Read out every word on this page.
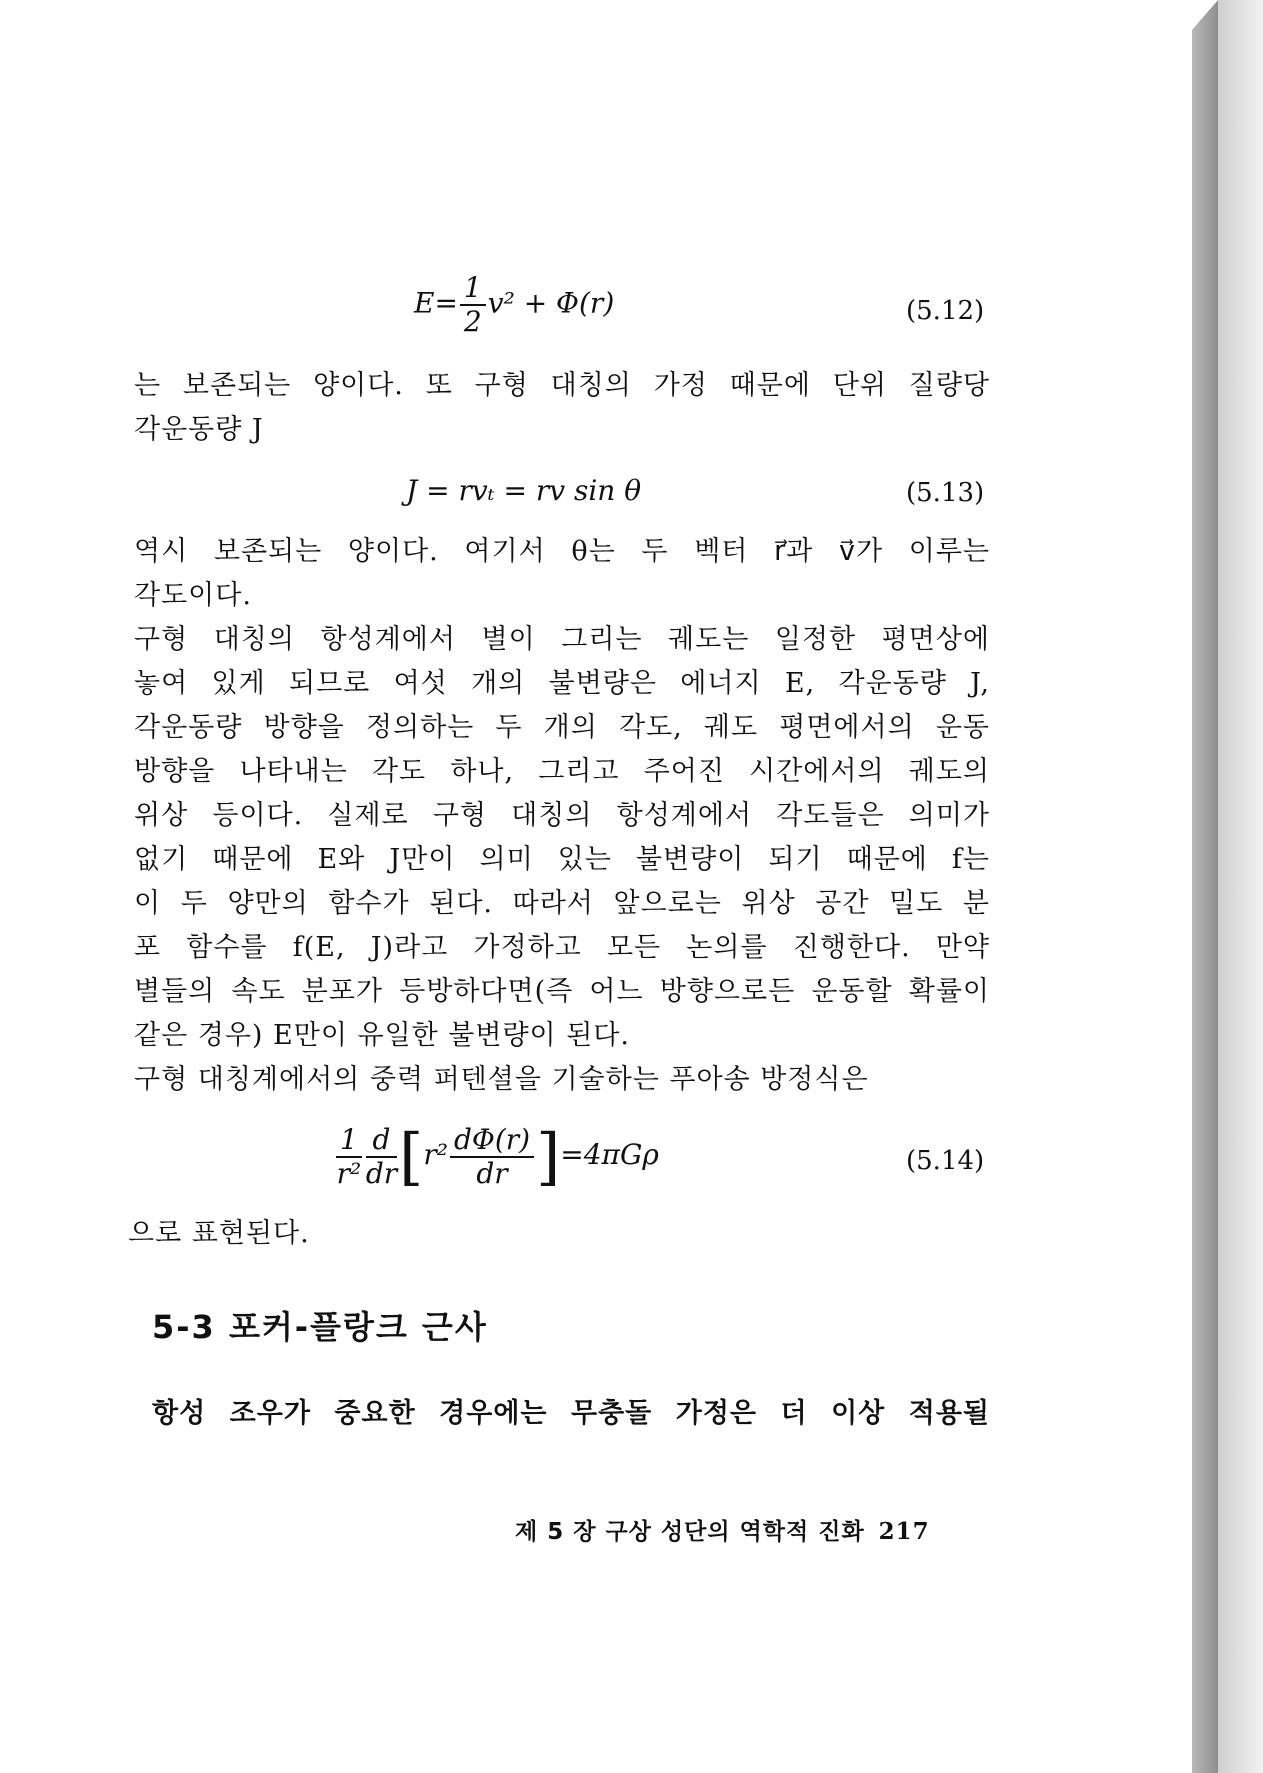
$E= \frac{1}{2} v^2 + \Phi(r)$	(5.12)
는 보존되는 양이다. 또 구형 대칭의 가정 때문에 단위 질량당
각운동량 J
J = rvₜ = rv sin θ	(5.13)
역시 보존되는 양이다. 여기서 θ는 두 벡터 r⃗과 v⃗가 이루는
각도이다.
구형 대칭의 항성계에서 별이 그리는 궤도는 일정한 평면상에
놓여 있게 되므로 여섯 개의 불변량은 에너지 E, 각운동량 J,
각운동량 방향을 정의하는 두 개의 각도, 궤도 평면에서의 운동
방향을 나타내는 각도 하나, 그리고 주어진 시간에서의 궤도의
위상 등이다. 실제로 구형 대칭의 항성계에서 각도들은 의미가
없기 때문에 E와 J만이 의미 있는 불변량이 되기 때문에 f는
이 두 양만의 함수가 된다. 따라서 앞으로는 위상 공간 밀도 분
포 함수를 f(E, J)라고 가정하고 모든 논의를 진행한다. 만약
별들의 속도 분포가 등방하다면(즉 어느 방향으로든 운동할 확률이
같은 경우) E만이 유일한 불변량이 된다.
구형 대칭계에서의 중력 퍼텐셜을 기술하는 푸아송 방정식은
$\frac{1}{\text{r²}} \frac{d}{dr} [r^2 \frac{d\Phi(r)}{dr} ]=4\pi G\rho$	(5.14)
으로 표현된다.
5-3 포커-플랑크 근사
항성 조우가 중요한 경우에는 무충돌 가정은 더 이상 적용될
제 5 장 구상 성단의 역학적 진화 217
